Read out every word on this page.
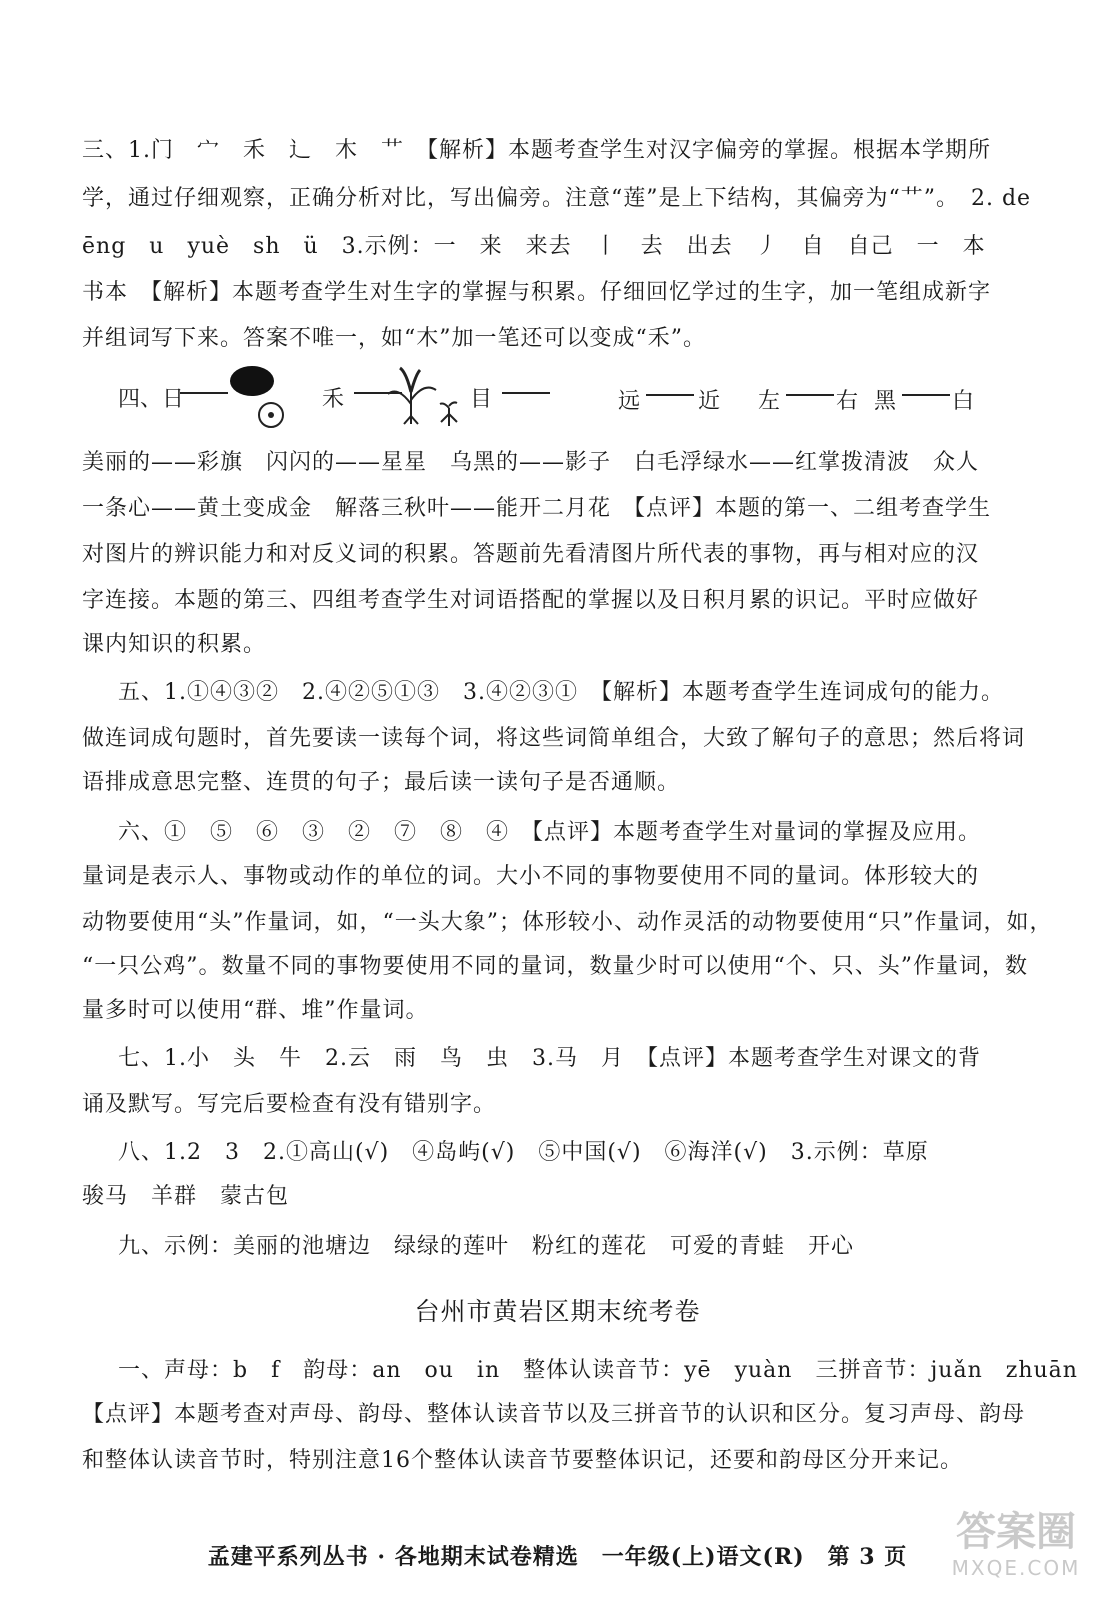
三、1.门　宀　禾　辶　木　艹　【解析】本题考查学生对汉字偏旁的掌握。根据本学期所
学，通过仔细观察，正确分析对比，写出偏旁。注意“莲”是上下结构，其偏旁为“艹”。　2. de
ēng　u　yuè　sh　ü　3.示例：一　来　来去　丨　去　出去　丿　自　自己　一　本
书本　【解析】本题考查学生对生字的掌握与积累。仔细回忆学过的生字，加一笔组成新字
并组词写下来。答案不唯一，如“木”加一笔还可以变成“禾”。
四、日	禾	目	远	近 左	右 黑	白
美丽的——彩旗　闪闪的——星星　乌黑的——影子　白毛浮绿水——红掌拨清波　众人
一条心——黄土变成金　解落三秋叶——能开二月花　【点评】本题的第一、二组考查学生
对图片的辨识能力和对反义词的积累。答题前先看清图片所代表的事物，再与相对应的汉
字连接。本题的第三、四组考查学生对词语搭配的掌握以及日积月累的识记。平时应做好
课内知识的积累。
五、1.①④③②　2.④②⑤①③　3.④②③①　【解析】本题考查学生连词成句的能力。
做连词成句题时，首先要读一读每个词，将这些词简单组合，大致了解句子的意思；然后将词
语排成意思完整、连贯的句子；最后读一读句子是否通顺。
六、①　⑤　⑥　③　②　⑦　⑧　④　【点评】本题考查学生对量词的掌握及应用。
量词是表示人、事物或动作的单位的词。大小不同的事物要使用不同的量词。体形较大的
动物要使用“头”作量词，如，“一头大象”；体形较小、动作灵活的动物要使用“只”作量词，如，
“一只公鸡”。数量不同的事物要使用不同的量词，数量少时可以使用“个、只、头”作量词，数
量多时可以使用“群、堆”作量词。
七、1.小　头　牛　2.云　雨　鸟　虫　3.马　月　【点评】本题考查学生对课文的背
诵及默写。写完后要检查有没有错别字。
八、1.2　3　2.①高山(√)　④岛屿(√)　⑤中国(√)　⑥海洋(√)　3.示例：草原
骏马　羊群　蒙古包
九、示例：美丽的池塘边　绿绿的莲叶　粉红的莲花　可爱的青蛙　开心
台州市黄岩区期末统考卷
一、声母：b　f　韵母：an　ou　in　整体认读音节：yē　yuàn　三拼音节：juǎn　zhuān
【点评】本题考查对声母、韵母、整体认读音节以及三拼音节的认识和区分。复习声母、韵母
和整体认读音节时，特别注意16个整体认读音节要整体识记，还要和韵母区分开来记。
孟建平系列丛书 · 各地期末试卷精选　一年级(上)语文(R)　第 3 页
答案圈
MXQE.COM
